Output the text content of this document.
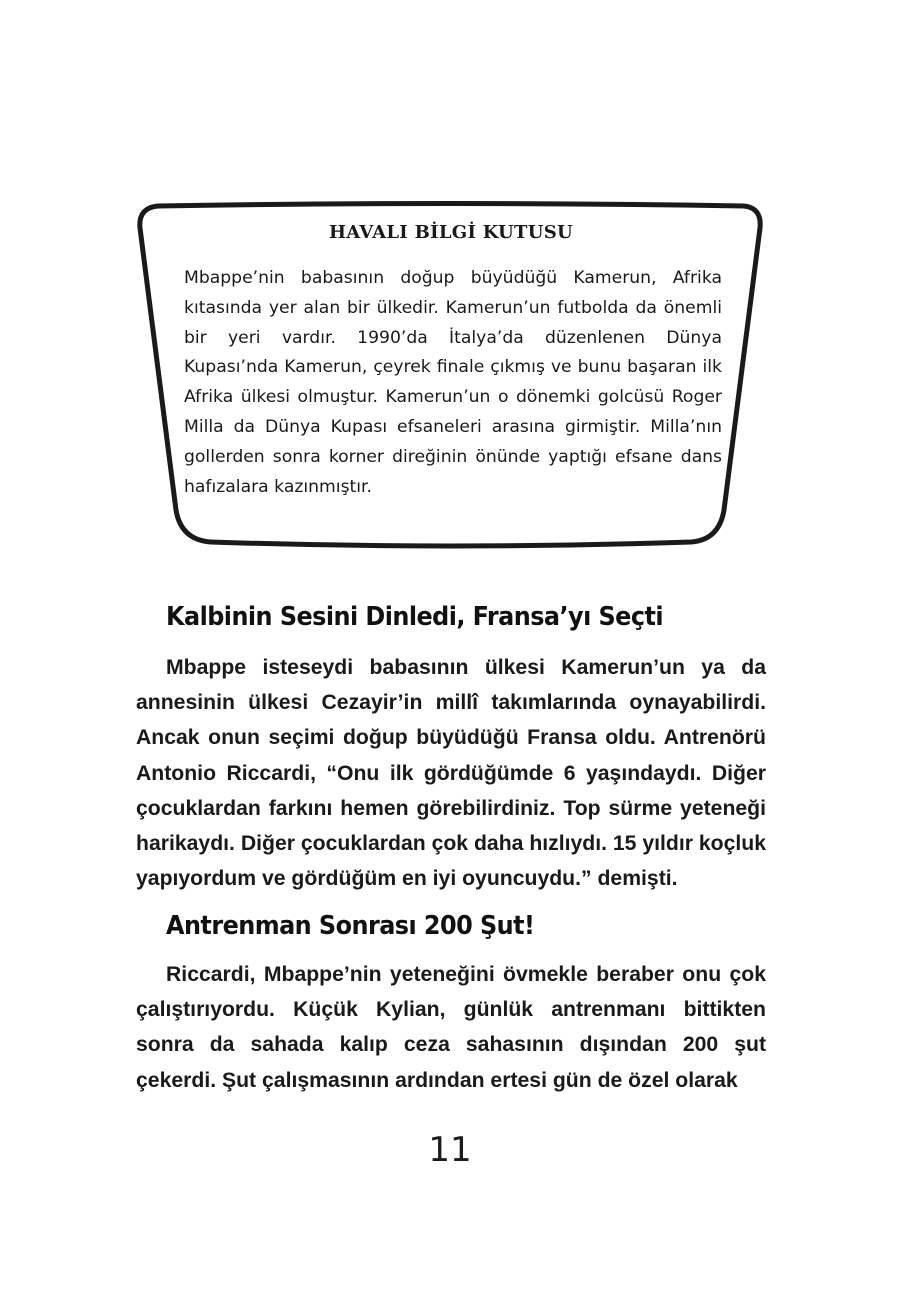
HAVALI BİLGİ KUTUSU

Mbappe’nin babasının doğup büyüdüğü Kamerun, Afrika kıtasında yer alan bir ülkedir. Kamerun’un futbolda da önemli bir yeri vardır. 1990’da İtalya’da düzenlenen Dünya Kupası’nda Kamerun, çeyrek finale çıkmış ve bunu başaran ilk Afrika ülkesi olmuştur. Kamerun’un o dönemki golcüsü Roger Milla da Dünya Kupası efsaneleri arasına girmiştir. Milla’nın gollerden sonra korner direğinin önünde yaptığı efsane dans hafızalara kazınmıştır.

Kalbinin Sesini Dinledi, Fransa’yı Seçti

Mbappe isteseydi babasının ülkesi Kamerun’un ya da annesinin ülkesi Cezayir’in millî takımlarında oynayabilirdi. Ancak onun seçimi doğup büyüdüğü Fransa oldu. Antrenörü Antonio Riccardi, “Onu ilk gördüğümde 6 yaşındaydı. Diğer çocuklardan farkını hemen görebilirdiniz. Top sürme yeteneği harikaydı. Diğer çocuklardan çok daha hızlıydı. 15 yıldır koçluk yapıyordum ve gördüğüm en iyi oyuncuydu.” demişti.

Antrenman Sonrası 200 Şut!

Riccardi, Mbappe’nin yeteneğini övmekle beraber onu çok çalıştırıyordu. Küçük Kylian, günlük antrenmanı bittikten sonra da sahada kalıp ceza sahasının dışından 200 şut çekerdi. Şut çalışmasının ardından ertesi gün de özel olarak

11
